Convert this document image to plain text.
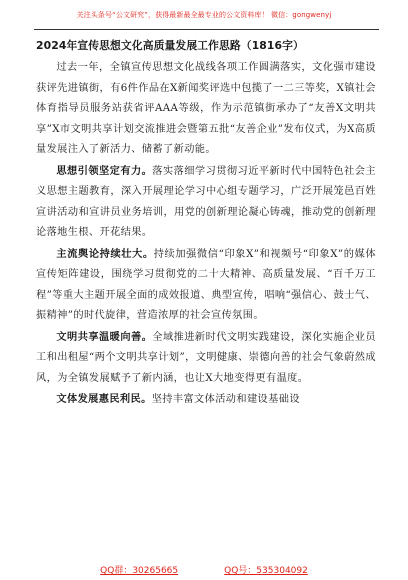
关注头条号“公文研究”，获得最新最全最专业的公文资料库！ 微信：gongwenyj
2024年宣传思想文化高质量发展工作思路（1816字）

过去一年，全镇宣传思想文化战线各项工作圆满落实，文化强市建设获评先进镇街，有6件作品在X新闻奖评选中包揽了一二三等奖，X镇社会体育指导员服务站获省评AAA等级，作为示范镇街承办了“友善X文明共享”X市文明共享计划交流推进会暨第五批“友善企业”发布仪式，为X高质量发展注入了新活力、储蓄了新动能。

思想引领坚定有力。落实落细学习贯彻习近平新时代中国特色社会主义思想主题教育，深入开展理论学习中心组专题学习，广泛开展笼邑百姓宣讲活动和宣讲员业务培训，用党的创新理论凝心铸魂，推动党的创新理论落地生根、开花结果。

主流舆论持续壮大。持续加强微信“印象X”和视频号“印象X”的媒体宣传矩阵建设，围绕学习贯彻党的二十大精神、高质量发展、“百千万工程”等重大主题开展全面的成效报道、典型宣传，唱响“强信心、鼓士气、振精神”的时代旋律，营造浓厚的社会宣传氛围。

文明共享温暖向善。全域推进新时代文明实践建设，深化实施企业员工和出租屋“两个文明共享计划”，文明健康、崇德向善的社会气象蔚然成风，为全镇发展赋予了新内涵，也让X大地变得更有温度。

文体发展惠民利民。坚持丰富文体活动和建设基础设

QQ群：30265665	QQ号：535304092
